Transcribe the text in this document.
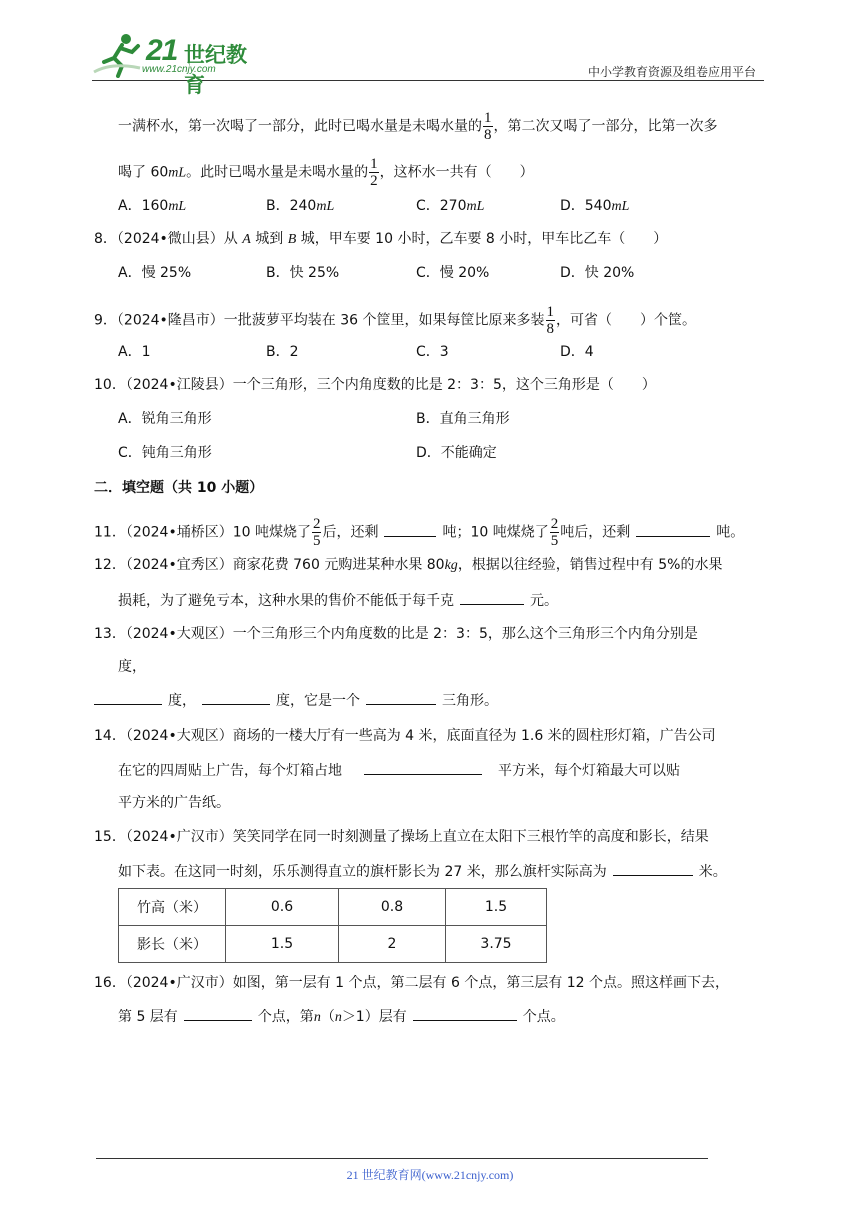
21 世纪教育
www.21cnjy.com	中小学教育资源及组卷应用平台
一满杯水，第一次喝了一部分，此时已喝水量是未喝水量的 $\frac{1}{8}$ ，第二次又喝了一部分，比第一次多
喝了 60mL。此时已喝水量是未喝水量的 $\frac{1}{2}$ ，这杯水一共有（　　）
A．160mL	B．240mL	C．270mL	D．540mL
8．（2024•微山县）从 A 城到 B 城，甲车要 10 小时，乙车要 8 小时，甲车比乙车（　　）
A．慢 25%	B．快 25%	C．慢 20%	D．快 20%
9．（2024•隆昌市）一批菠萝平均装在 36 个筐里，如果每筐比原来多装 $\frac{1}{8}$ ，可省（　　）个筐。
A．1	B．2	C．3	D．4
10．（2024•江陵县）一个三角形，三个内角度数的比是 2：3：5，这个三角形是（　　）
A．锐角三角形	B．直角三角形
C．钝角三角形	D．不能确定
二．填空题（共 10 小题）
11．（2024•埇桥区）10 吨煤烧了 $\frac{2}{5}$ 后，还剩	吨；10 吨煤烧了 $\frac{2}{5}$ 吨后，还剩	吨。
12．（2024•宜秀区）商家花费 760 元购进某种水果 80kg，根据以往经验，销售过程中有 5%的水果
损耗，为了避免亏本，这种水果的售价不能低于每千克	元。
13．（2024•大观区）一个三角形三个内角度数的比是 2：3：5，那么这个三角形三个内角分别是
度，
度，	度，它是一个	三角形。
14．（2024•大观区）商场的一楼大厅有一些高为 4 米，底面直径为 1.6 米的圆柱形灯箱，广告公司
在它的四周贴上广告，每个灯箱占地	平方米，每个灯箱最大可以贴
平方米的广告纸。
15．（2024•广汉市）笑笑同学在同一时刻测量了操场上直立在太阳下三根竹竿的高度和影长，结果
如下表。在这同一时刻，乐乐测得直立的旗杆影长为 27 米，那么旗杆实际高为	米。
竹高（米）	0.6	0.8	1.5
影长（米）	1.5	2	3.75
16．（2024•广汉市）如图，第一层有 1 个点，第二层有 6 个点，第三层有 12 个点。照这样画下去，
第 5 层有	个点，第n（n＞1）层有	个点。
21 世纪教育网(www.21cnjy.com)
